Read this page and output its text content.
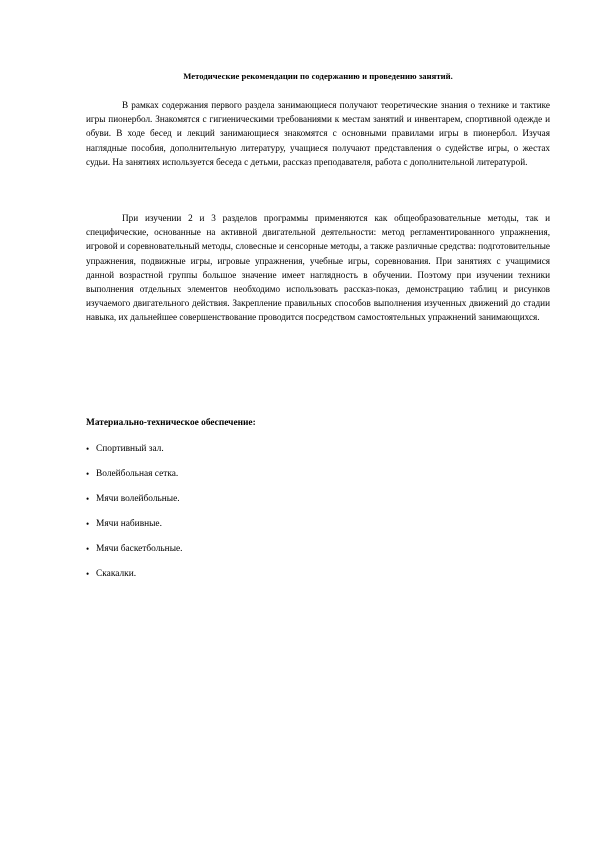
Методические рекомендации по содержанию и проведению занятий.

В рамках содержания первого раздела занимающиеся получают теоретические знания о технике и тактике игры пионербол. Знакомятся с гигиеническими требованиями к местам занятий и инвентарем, спортивной одежде и обуви. В ходе бесед и лекций занимающиеся знакомятся с основными правилами игры в пионербол. Изучая наглядные пособия, дополнительную литературу, учащиеся получают представления о судействе игры, о жестах судьи. На занятиях используется беседа с детьми, рассказ преподавателя, работа с дополнительной литературой.

При изучении 2 и 3 разделов программы применяются как общеобразовательные методы, так и специфические, основанные на активной двигательной деятельности: метод регламентированного упражнения, игровой и соревновательный методы, словесные и сенсорные методы, а также различные средства: подготовительные упражнения, подвижные игры, игровые упражнения, учебные игры, соревнования. При занятиях с учащимися данной возрастной группы большое значение имеет наглядность в обучении. Поэтому при изучении техники выполнения отдельных элементов необходимо использовать рассказ-показ, демонстрацию таблиц и рисунков изучаемого двигательного действия. Закрепление правильных способов выполнения изученных движений до стадии навыка, их дальнейшее совершенствование проводится посредством самостоятельных упражнений занимающихся.

Материально-техническое обеспечение:
• Спортивный зал.
• Волейбольная сетка.
• Мячи волейбольные.
• Мячи набивные.
• Мячи баскетбольные.
• Скакалки.
